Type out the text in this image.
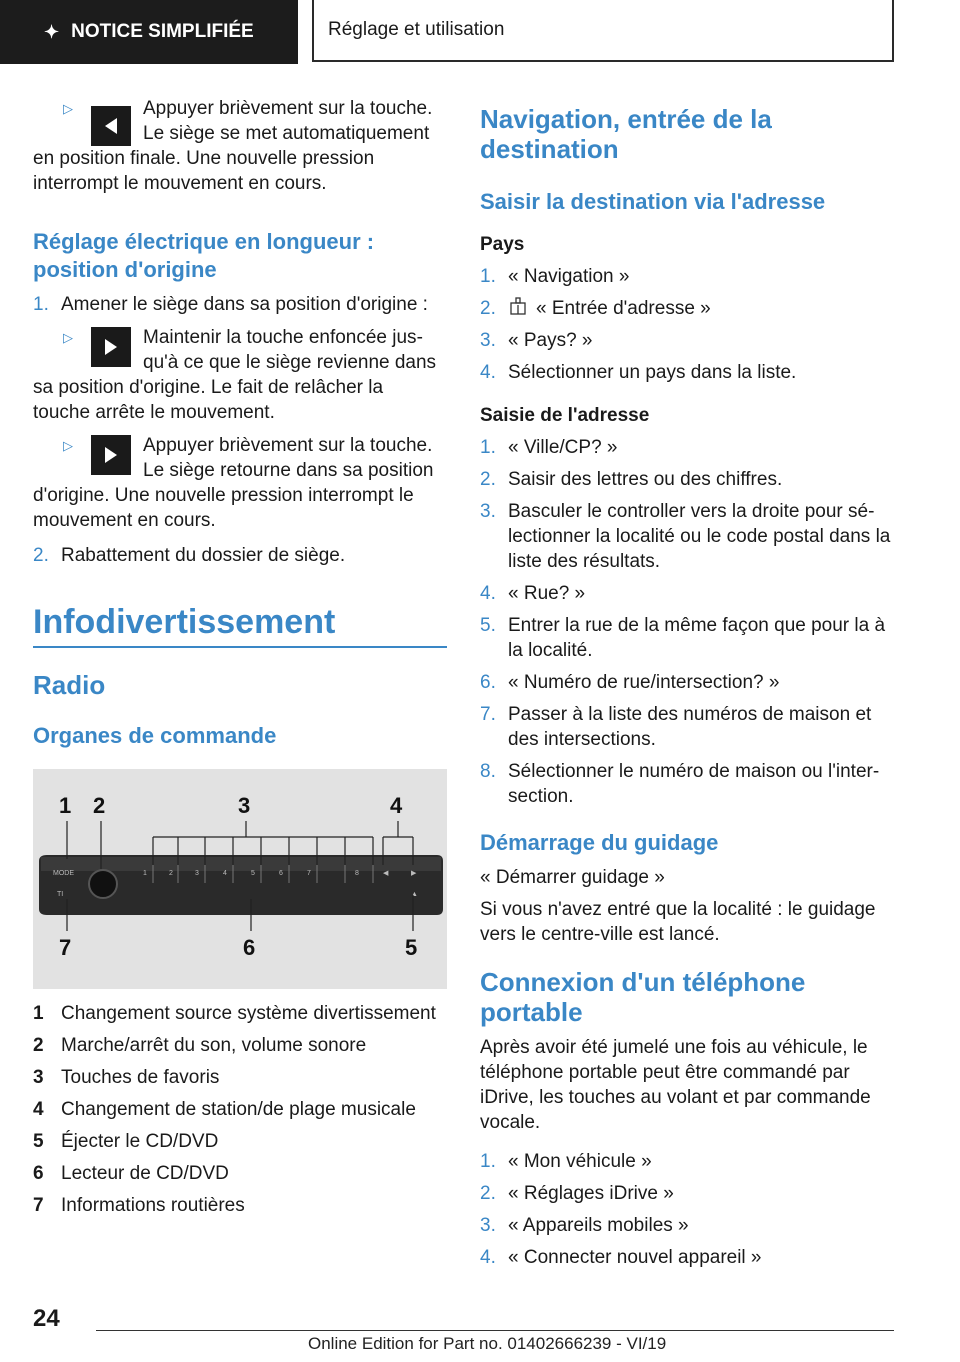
✦ NOTICE SIMPLIFIÉE	Réglage et utilisation
▷	Appuyer brièvement sur la touche. Le siège se met automatiquement en position finale. Une nouvelle pression interrompt le mouvement en cours.

Réglage électrique en longueur : position d'origine
1. Amener le siège dans sa position d'origine :
▷	Maintenir la touche enfoncée jusqu'à ce que le siège revienne dans sa position d'origine. Le fait de relâcher la touche arrête le mouvement.

▷	Appuyer brièvement sur la touche. Le siège retourne dans sa position d'origine. Une nouvelle pression interrompt le mouvement en cours.

2. Rabattement du dossier de siège.
Infodivertissement
Radio
Organes de commande
MODE	1	2	3	4	5	6	7	8	◀	▶
▲
TI
1 2	3	4
5
6
7
1 Changement source système divertissement
2 Marche/arrêt du son, volume sonore
3 Touches de favoris
4 Changement de station/de plage musicale
5 Éjecter le CD/DVD
6 Lecteur de CD/DVD
7 Informations routières
Navigation, entrée de la destination
Saisir la destination via l'adresse
Pays
1. « Navigation »
2. « Entrée d'adresse »
3. « Pays? »
4. Sélectionner un pays dans la liste.
Saisie de l'adresse
1. « Ville/CP? »
2. Saisir des lettres ou des chiffres.
3. Basculer le controller vers la droite pour sélectionner la localité ou le code postal dans la liste des résultats.
4. « Rue? »
5. Entrer la rue de la même façon que pour la à la localité.
6. « Numéro de rue/intersection? »
7. Passer à la liste des numéros de maison et des intersections.
8. Sélectionner le numéro de maison ou l'intersection.
Démarrage du guidage
« Démarrer guidage »
Si vous n'avez entré que la localité : le guidage vers le centre-ville est lancé.
Connexion d'un téléphone portable
Après avoir été jumelé une fois au véhicule, le téléphone portable peut être commandé par iDrive, les touches au volant et par commande vocale.
1. « Mon véhicule »
2. « Réglages iDrive »
3. « Appareils mobiles »
4. « Connecter nouvel appareil »
24
Online Edition for Part no. 01402666239 - VI/19
